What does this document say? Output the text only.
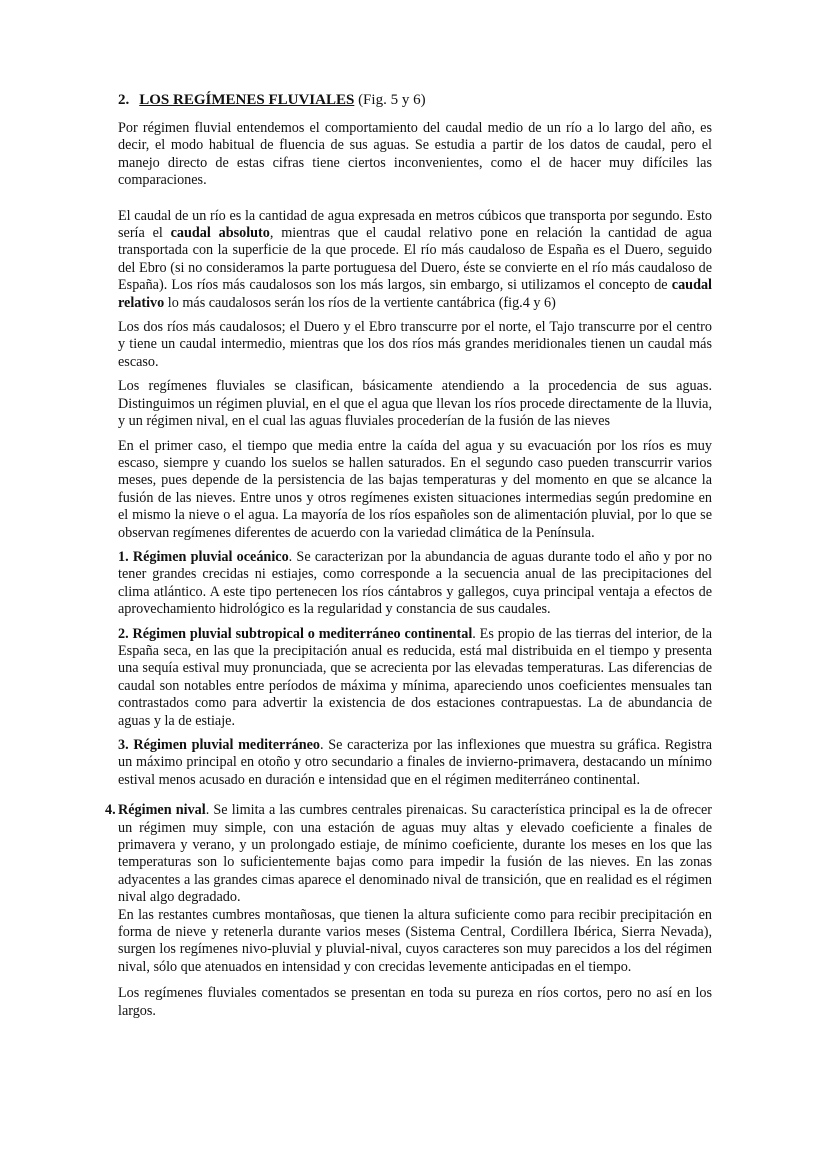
2. LOS REGÍMENES FLUVIALES (Fig. 5 y 6)

Por régimen fluvial entendemos el comportamiento del caudal medio de un río a lo largo del año, es decir, el modo habitual de fluencia de sus aguas. Se estudia a partir de los datos de caudal, pero el manejo directo de estas cifras tiene ciertos inconvenientes, como el de hacer muy difíciles las comparaciones.

El caudal de un río es la cantidad de agua expresada en metros cúbicos que transporta por segundo. Esto sería el caudal absoluto, mientras que el caudal relativo pone en relación la cantidad de agua transportada con la superficie de la que procede. El río más caudaloso de España es el Duero, seguido del Ebro (si no consideramos la parte portuguesa del Duero, éste se convierte en el río más caudaloso de España). Los ríos más caudalosos son los más largos, sin embargo, si utilizamos el concepto de caudal relativo lo más caudalosos serán los ríos de la vertiente cantábrica (fig.4 y 6)

Los dos ríos más caudalosos; el Duero y el Ebro transcurre por el norte, el Tajo transcurre por el centro y tiene un caudal intermedio, mientras que los dos ríos más grandes meridionales tienen un caudal más escaso.

Los regímenes fluviales se clasifican, básicamente atendiendo a la procedencia de sus aguas. Distinguimos un régimen pluvial, en el que el agua que llevan los ríos procede directamente de la lluvia, y un régimen nival, en el cual las aguas fluviales procederían de la fusión de las nieves

En el primer caso, el tiempo que media entre la caída del agua y su evacuación por los ríos es muy escaso, siempre y cuando los suelos se hallen saturados. En el segundo caso pueden transcurrir varios meses, pues depende de la persistencia de las bajas temperaturas y del momento en que se alcance la fusión de las nieves. Entre unos y otros regímenes existen situaciones intermedias según predomine en el mismo la nieve o el agua. La mayoría de los ríos españoles son de alimentación pluvial, por lo que se observan regímenes diferentes de acuerdo con la variedad climática de la Península.

1. Régimen pluvial oceánico. Se caracterizan por la abundancia de aguas durante todo el año y por no tener grandes crecidas ni estiajes, como corresponde a la secuencia anual de las precipitaciones del clima atlántico. A este tipo pertenecen los ríos cántabros y gallegos, cuya principal ventaja a efectos de aprovechamiento hidrológico es la regularidad y constancia de sus caudales.

2. Régimen pluvial subtropical o mediterráneo continental. Es propio de las tierras del interior, de la España seca, en las que la precipitación anual es reducida, está mal distribuida en el tiempo y presenta una sequía estival muy pronunciada, que se acrecienta por las elevadas temperaturas. Las diferencias de caudal son notables entre períodos de máxima y mínima, apareciendo unos coeficientes mensuales tan contrastados como para advertir la existencia de dos estaciones contrapuestas. La de abundancia de aguas y la de estiaje.

3. Régimen pluvial mediterráneo. Se caracteriza por las inflexiones que muestra su gráfica. Registra un máximo principal en otoño y otro secundario a finales de invierno-primavera, destacando un mínimo estival menos acusado en duración e intensidad que en el régimen mediterráneo continental.

4. Régimen nival. Se limita a las cumbres centrales pirenaicas. Su característica principal es la de ofrecer un régimen muy simple, con una estación de aguas muy altas y elevado coeficiente a finales de primavera y verano, y un prolongado estiaje, de mínimo coeficiente, durante los meses en los que las temperaturas son lo suficientemente bajas como para impedir la fusión de las nieves. En las zonas adyacentes a las grandes cimas aparece el denominado nival de transición, que en realidad es el régimen nival algo degradado.

En las restantes cumbres montañosas, que tienen la altura suficiente como para recibir precipitación en forma de nieve y retenerla durante varios meses (Sistema Central, Cordillera Ibérica, Sierra Nevada), surgen los regímenes nivo-pluvial y pluvial-nival, cuyos caracteres son muy parecidos a los del régimen nival, sólo que atenuados en intensidad y con crecidas levemente anticipadas en el tiempo.

Los regímenes fluviales comentados se presentan en toda su pureza en ríos cortos, pero no así en los largos.
